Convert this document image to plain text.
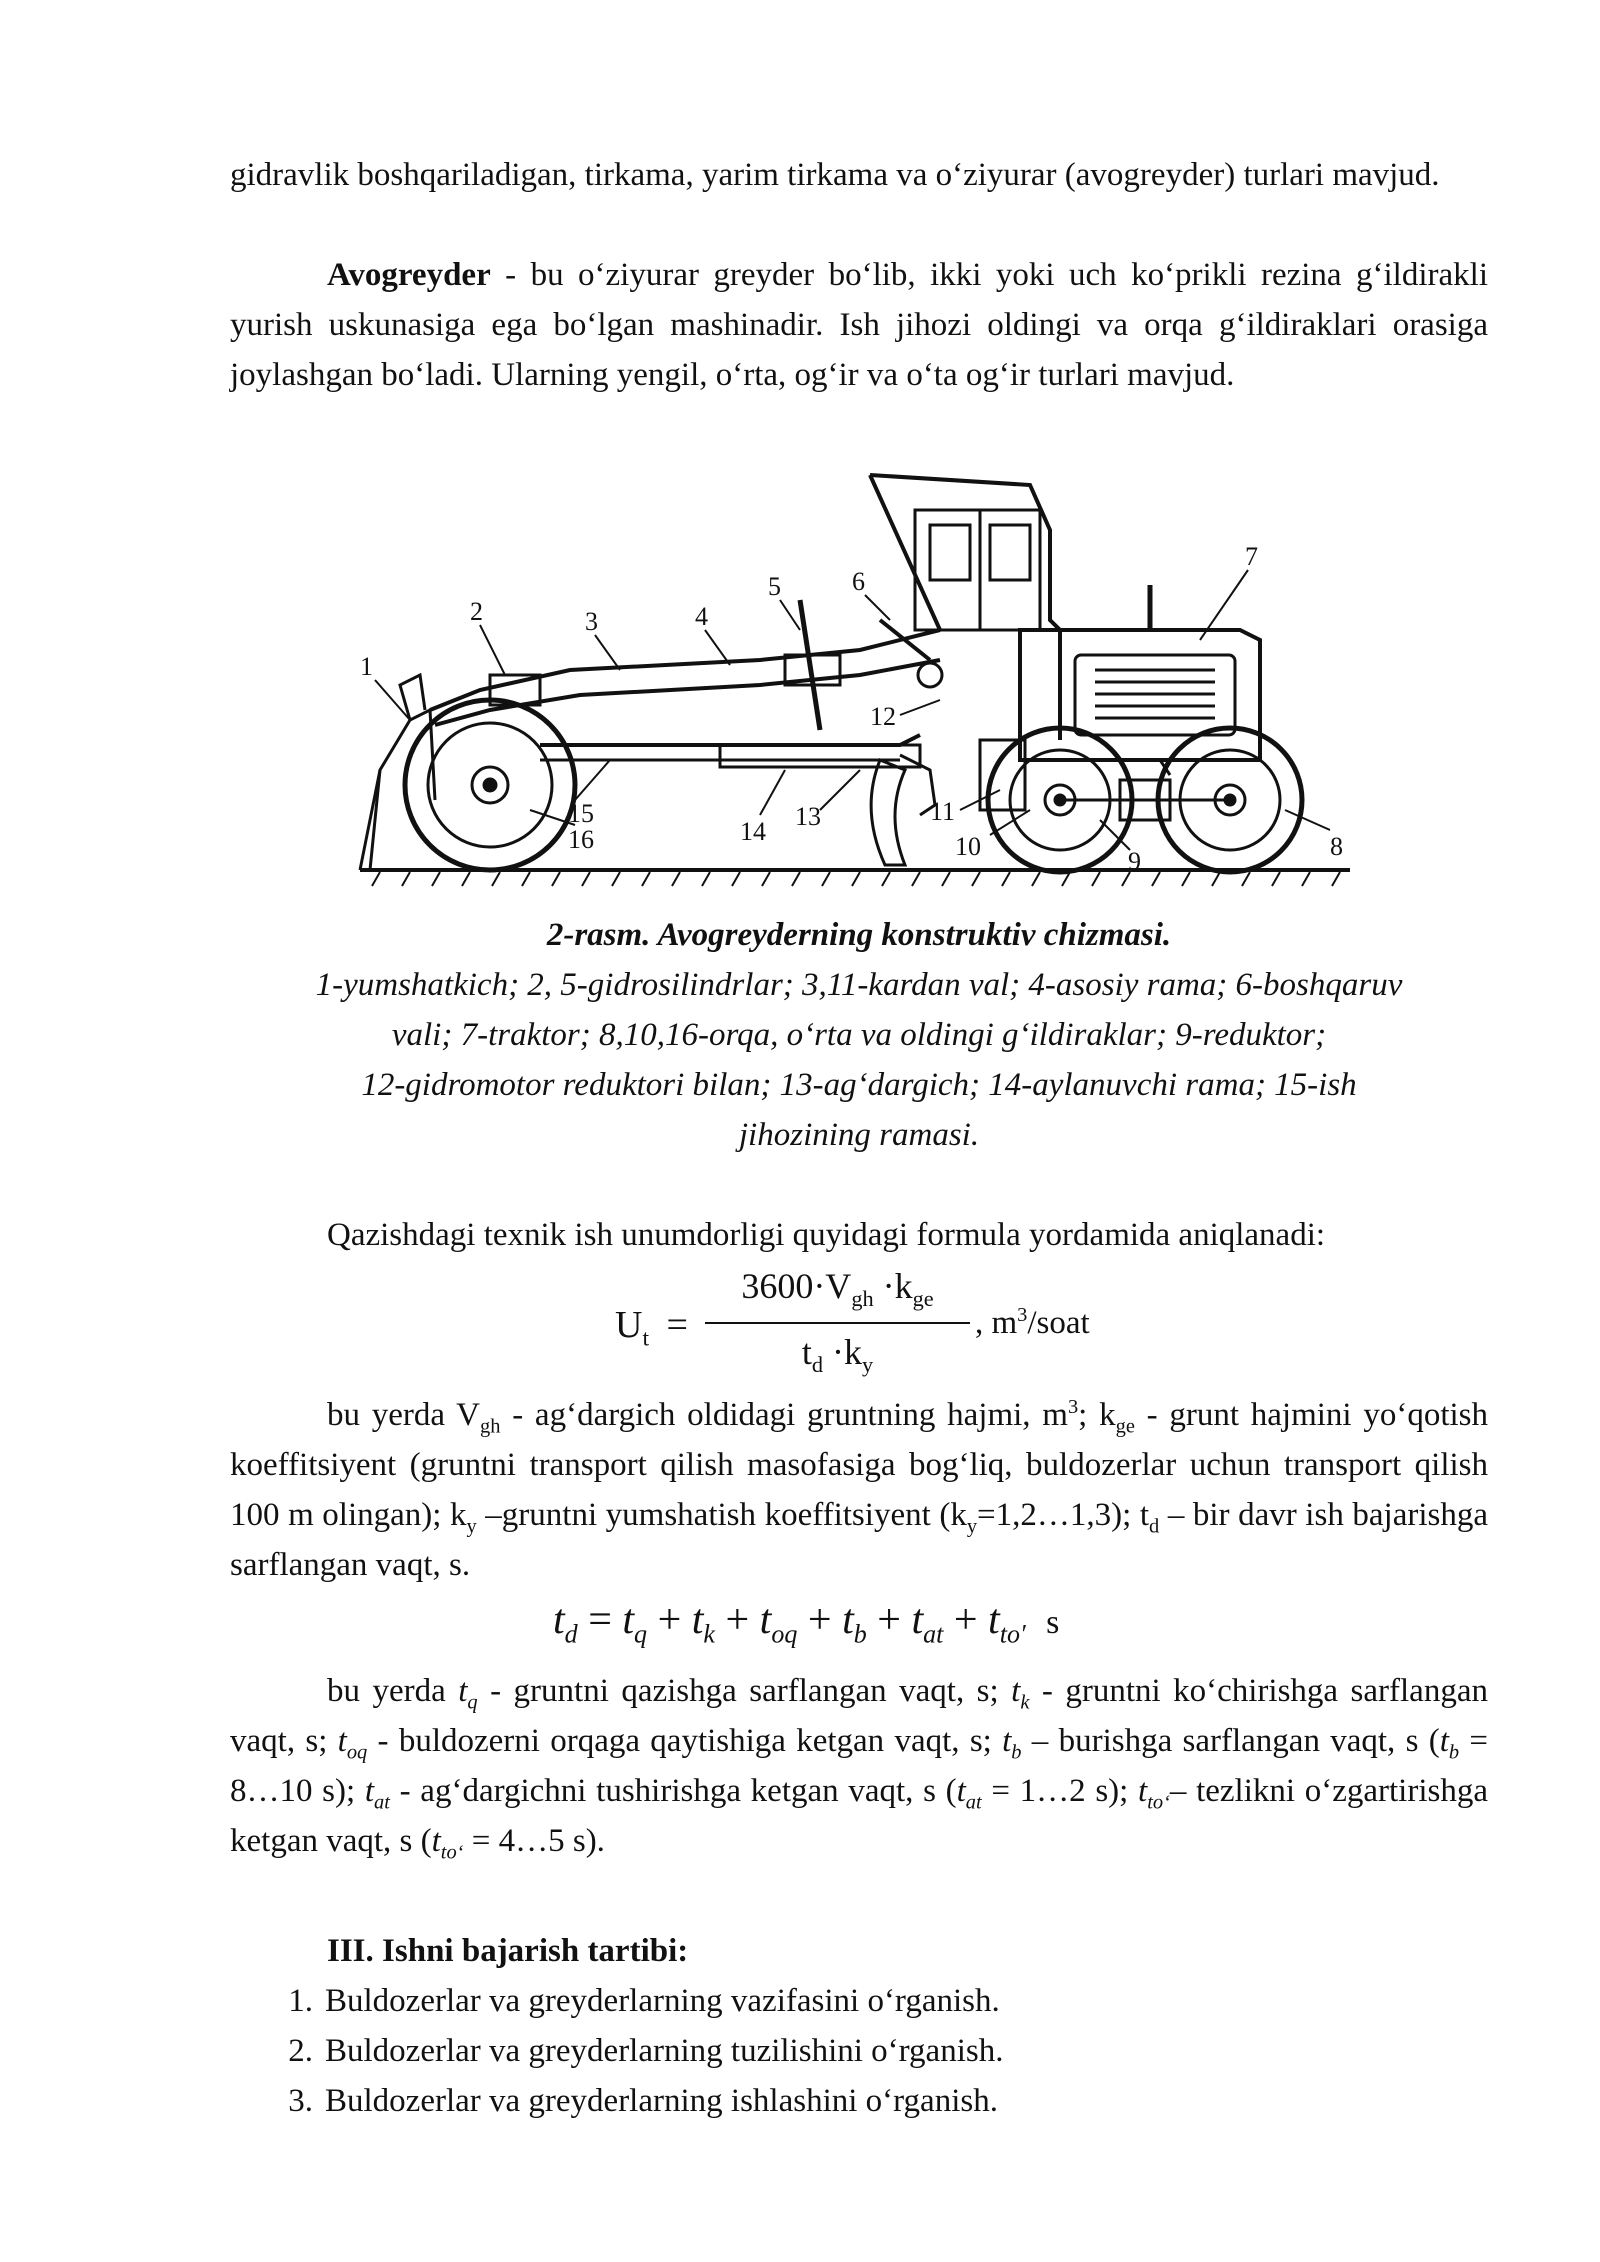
gidravlik boshqariladigan, tirkama, yarim tirkama va o‘ziyurar (avogreyder) turlari mavjud.

Avogreyder - bu o‘ziyurar greyder bo‘lib, ikki yoki uch ko‘prikli rezina g‘ildirakli yurish uskunasiga ega bo‘lgan mashinadir. Ish jihozi oldingi va orqa g‘ildiraklari orasiga joylashgan bo‘ladi. Ularning yengil, o‘rta, og‘ir va o‘ta og‘ir turlari mavjud.

1
2	3	4
5	6
7
8
9
10
11
12
13
14
15
16

2-rasm. Avogreyderning konstruktiv chizmasi.

1-yumshatkich; 2, 5-gidrosilindrlar; 3,11-kardan val; 4-asosiy rama; 6-boshqaruv

vali; 7-traktor; 8,10,16-orqa, o‘rta va oldingi g‘ildiraklar; 9-reduktor;

12-gidromotor reduktori bilan; 13-ag‘dargich; 14-aylanuvchi rama; 15-ish

jihozining ramasi.

Qazishdagi texnik ish unumdorligi quyidagi formula yordamida aniqlanadi:

$U_t$ =
$3600\cdot V_{gh} \cdot k_{ge}$
$t_d \cdot k_y$
, $m^3$/soat

bu yerda $V_{gh}$ - ag‘dargich oldidagi gruntning hajmi, $m^3$; $k_{ge}$ - grunt hajmini yo‘qotish koeffitsiyent (gruntni transport qilish masofasiga bog‘liq, buldozerlar uchun transport qilish 100 m olingan); $k_y$ –gruntni yumshatish koeffitsiyent $(k_y=1,2\dots 1,3)$; $t_d$ – bir davr ish bajarishga sarflangan vaqt, s.

$t_d = t_q + t_k + t_{oq} + t_b + t_{at} + t_{to'}$ s

bu yerda $t_q$ - gruntni qazishga sarflangan vaqt, s; $t_k$ - gruntni ko‘chirishga sarflangan vaqt, s; $t_{oq}$ - buldozerni orqaga qaytishiga ketgan vaqt, s; $t_b$ – burishga sarflangan vaqt, s ($t_b$ = 8…10 s); $t_{at}$ - ag‘dargichni tushirishga ketgan vaqt, s ($t_{at}$ = 1…2 s); $t_{to‘}-$ tezlikni o‘zgartirishga ketgan vaqt, s ($t_{to‘}$ = 4…5 s).

III. Ishni bajarish tartibi:
1. Buldozerlar va greyderlarning vazifasini o‘rganish.
2. Buldozerlar va greyderlarning tuzilishini o‘rganish.
3. Buldozerlar va greyderlarning ishlashini o‘rganish.
